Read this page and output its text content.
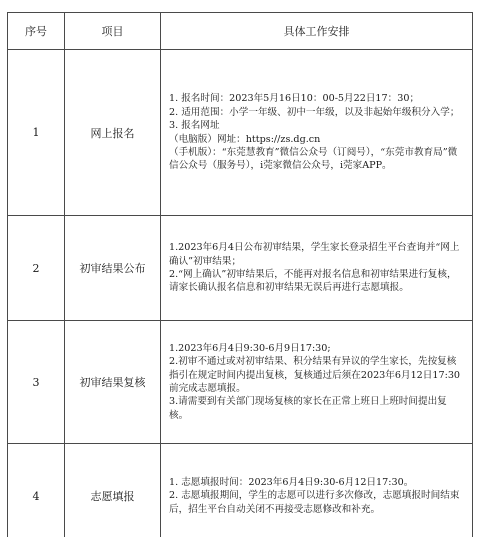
序号	项目	具体工作安排
1	网上报名	1. 报名时间：2023年5月16日10：00-5月22日17：30；
2. 适用范围：小学一年级、初中一年级，以及非起始年级积分入学；
3. 报名网址
（电脑版）网址：https://zs.dg.cn
（手机版）：“东莞慧教育”微信公众号（订阅号），“东莞市教育局”微信公众号（服务号），i莞家微信公众号，i莞家APP。

2	初审结果公布	1.2023年6月4日公布初审结果，学生家长登录招生平台查询并“网上确认”初审结果；
2.“网上确认”初审结果后，不能再对报名信息和初审结果进行复核，请家长确认报名信息和初审结果无误后再进行志愿填报。

3	初审结果复核	1.2023年6月4日9:30-6月9日17:30;
2.初审不通过或对初审结果、积分结果有异议的学生家长，先按复核指引在规定时间内提出复核，复核通过后须在2023年6月12日17:30前完成志愿填报。
3.请需要到有关部门现场复核的家长在正常上班日上班时间提出复核。

4	志愿填报	1. 志愿填报时间：2023年6月4日9:30-6月12日17:30。
2. 志愿填报期间，学生的志愿可以进行多次修改，志愿填报时间结束后，招生平台自动关闭不再接受志愿修改和补充。
